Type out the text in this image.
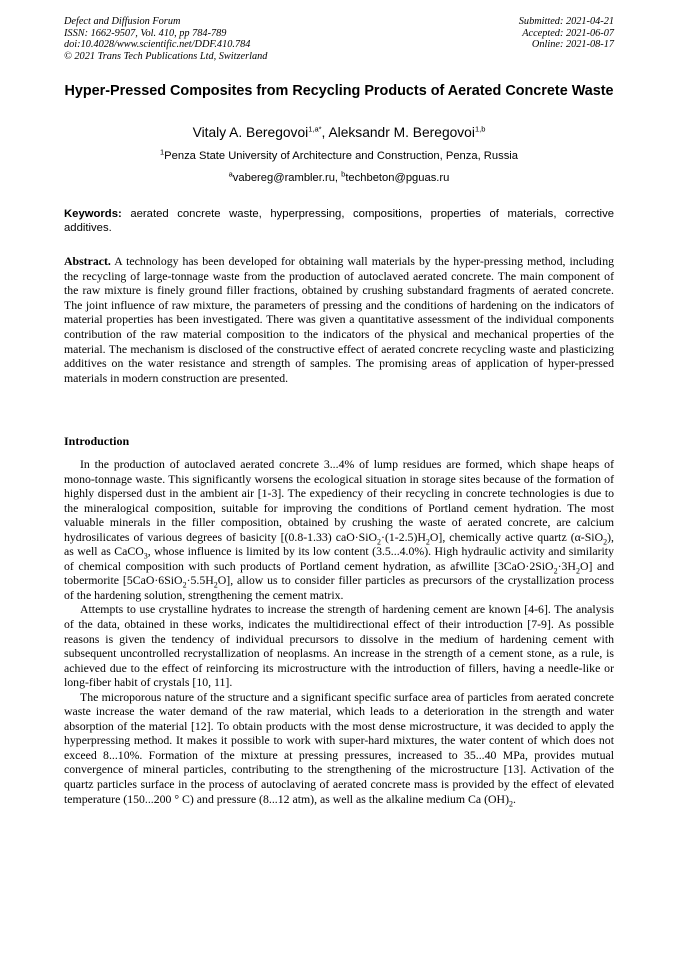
Defect and Diffusion Forum
ISSN: 1662-9507, Vol. 410, pp 784-789
doi:10.4028/www.scientific.net/DDF.410.784
© 2021 Trans Tech Publications Ltd, Switzerland
Submitted: 2021-04-21
Accepted: 2021-06-07
Online: 2021-08-17
Hyper-Pressed Composites from Recycling Products of Aerated Concrete Waste
Vitaly A. Beregovoi$^{1,a*}$, Aleksandr M. Beregovoi$^{1,b}$
$^1$Penza State University of Architecture and Construction, Penza, Russia
$^a$vabereg@rambler.ru, $^b$techbeton@pguas.ru
Keywords: aerated concrete waste, hyperpressing, compositions, properties of materials, corrective additives.

Abstract. A technology has been developed for obtaining wall materials by the hyper-pressing method, including the recycling of large-tonnage waste from the production of autoclaved aerated concrete. The main component of the raw mixture is finely ground filler fractions, obtained by crushing substandard fragments of aerated concrete. The joint influence of raw mixture, the parameters of pressing and the conditions of hardening on the indicators of material properties has been investigated. There was given a quantitative assessment of the individual components contribution of the raw material composition to the indicators of the physical and mechanical properties of the material. The mechanism is disclosed of the constructive effect of aerated concrete recycling waste and plasticizing additives on the water resistance and strength of samples. The promising areas of application of hyper-pressed materials in modern construction are presented.

Introduction

In the production of autoclaved aerated concrete 3...4% of lump residues are formed, which shape heaps of mono-tonnage waste. This significantly worsens the ecological situation in storage sites because of the formation of highly dispersed dust in the ambient air [1-3]. The expediency of their recycling in concrete technologies is due to the mineralogical composition, suitable for improving the conditions of Portland cement hydration. The most valuable minerals in the filler composition, obtained by crushing the waste of aerated concrete, are calcium hydrosilicates of various degrees of basicity [(0.8-1.33) $caO\cdot SiO_2\cdot(1-2.5)H_2O$], chemically active quartz (α-SiO$_2$), as well as CaCO$_3$, whose influence is limited by its low content (3.5...4.0%). High hydraulic activity and similarity of chemical composition with such products of Portland cement hydration, as afwillite $[3CaO\cdot 2SiO_2\cdot 3H_2O]$ and tobermorite $[5CaO\cdot 6SiO_2\cdot 5.5H_2O]$, allow us to consider filler particles as precursors of the crystallization process of the hardening solution, strengthening the cement matrix.

Attempts to use crystalline hydrates to increase the strength of hardening cement are known [4-6]. The analysis of the data, obtained in these works, indicates the multidirectional effect of their introduction [7-9]. As possible reasons is given the tendency of individual precursors to dissolve in the medium of hardening cement with subsequent uncontrolled recrystallization of neoplasms. An increase in the strength of a cement stone, as a rule, is achieved due to the effect of reinforcing its microstructure with the introduction of fillers, having a needle-like or long-fiber habit of crystals [10, 11].

The microporous nature of the structure and a significant specific surface area of particles from aerated concrete waste increase the water demand of the raw material, which leads to a deterioration in the strength and water absorption of the material [12]. To obtain products with the most dense microstructure, it was decided to apply the hyperpressing method. It makes it possible to work with super-hard mixtures, the water content of which does not exceed 8...10%. Formation of the mixture at pressing pressures, increased to 35...40 MPa, provides mutual convergence of mineral particles, contributing to the strengthening of the microstructure [13]. Activation of the quartz particles surface in the process of autoclaving of aerated concrete mass is provided by the effect of elevated temperature (150...200 ° C) and pressure (8...12 atm), as well as the alkaline medium Ca $(OH)_2$.
